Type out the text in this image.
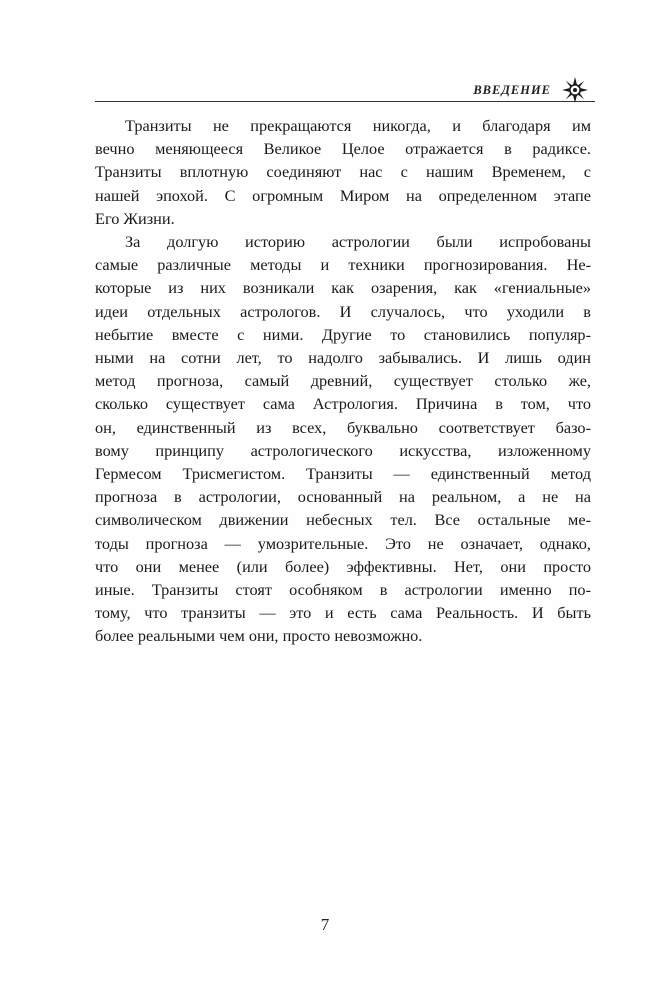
ВВЕДЕНИЕ

Транзиты не прекращаются никогда, и благодаря им
вечно меняющееся Великое Целое отражается в радиксе.
Транзиты вплотную соединяют нас с нашим Временем, с
нашей эпохой. С огромным Миром на определенном этапе
Его Жизни.

За долгую историю астрологии были испробованы
самые различные методы и техники прогнозирования. Не-
которые из них возникали как озарения, как «гениальные»
идеи отдельных астрологов. И случалось, что уходили в
небытие вместе с ними. Другие то становились популяр-
ными на сотни лет, то надолго забывались. И лишь один
метод прогноза, самый древний, существует столько же,
сколько существует сама Астрология. Причина в том, что
он, единственный из всех, буквально соответствует базо-
вому принципу астрологического искусства, изложенному
Гермесом Трисмегистом. Транзиты — единственный метод
прогноза в астрологии, основанный на реальном, а не на
символическом движении небесных тел. Все остальные ме-
тоды прогноза — умозрительные. Это не означает, однако,
что они менее (или более) эффективны. Нет, они просто
иные. Транзиты стоят особняком в астрологии именно по-
тому, что транзиты — это и есть сама Реальность. И быть
более реальными чем они, просто невозможно.

7
